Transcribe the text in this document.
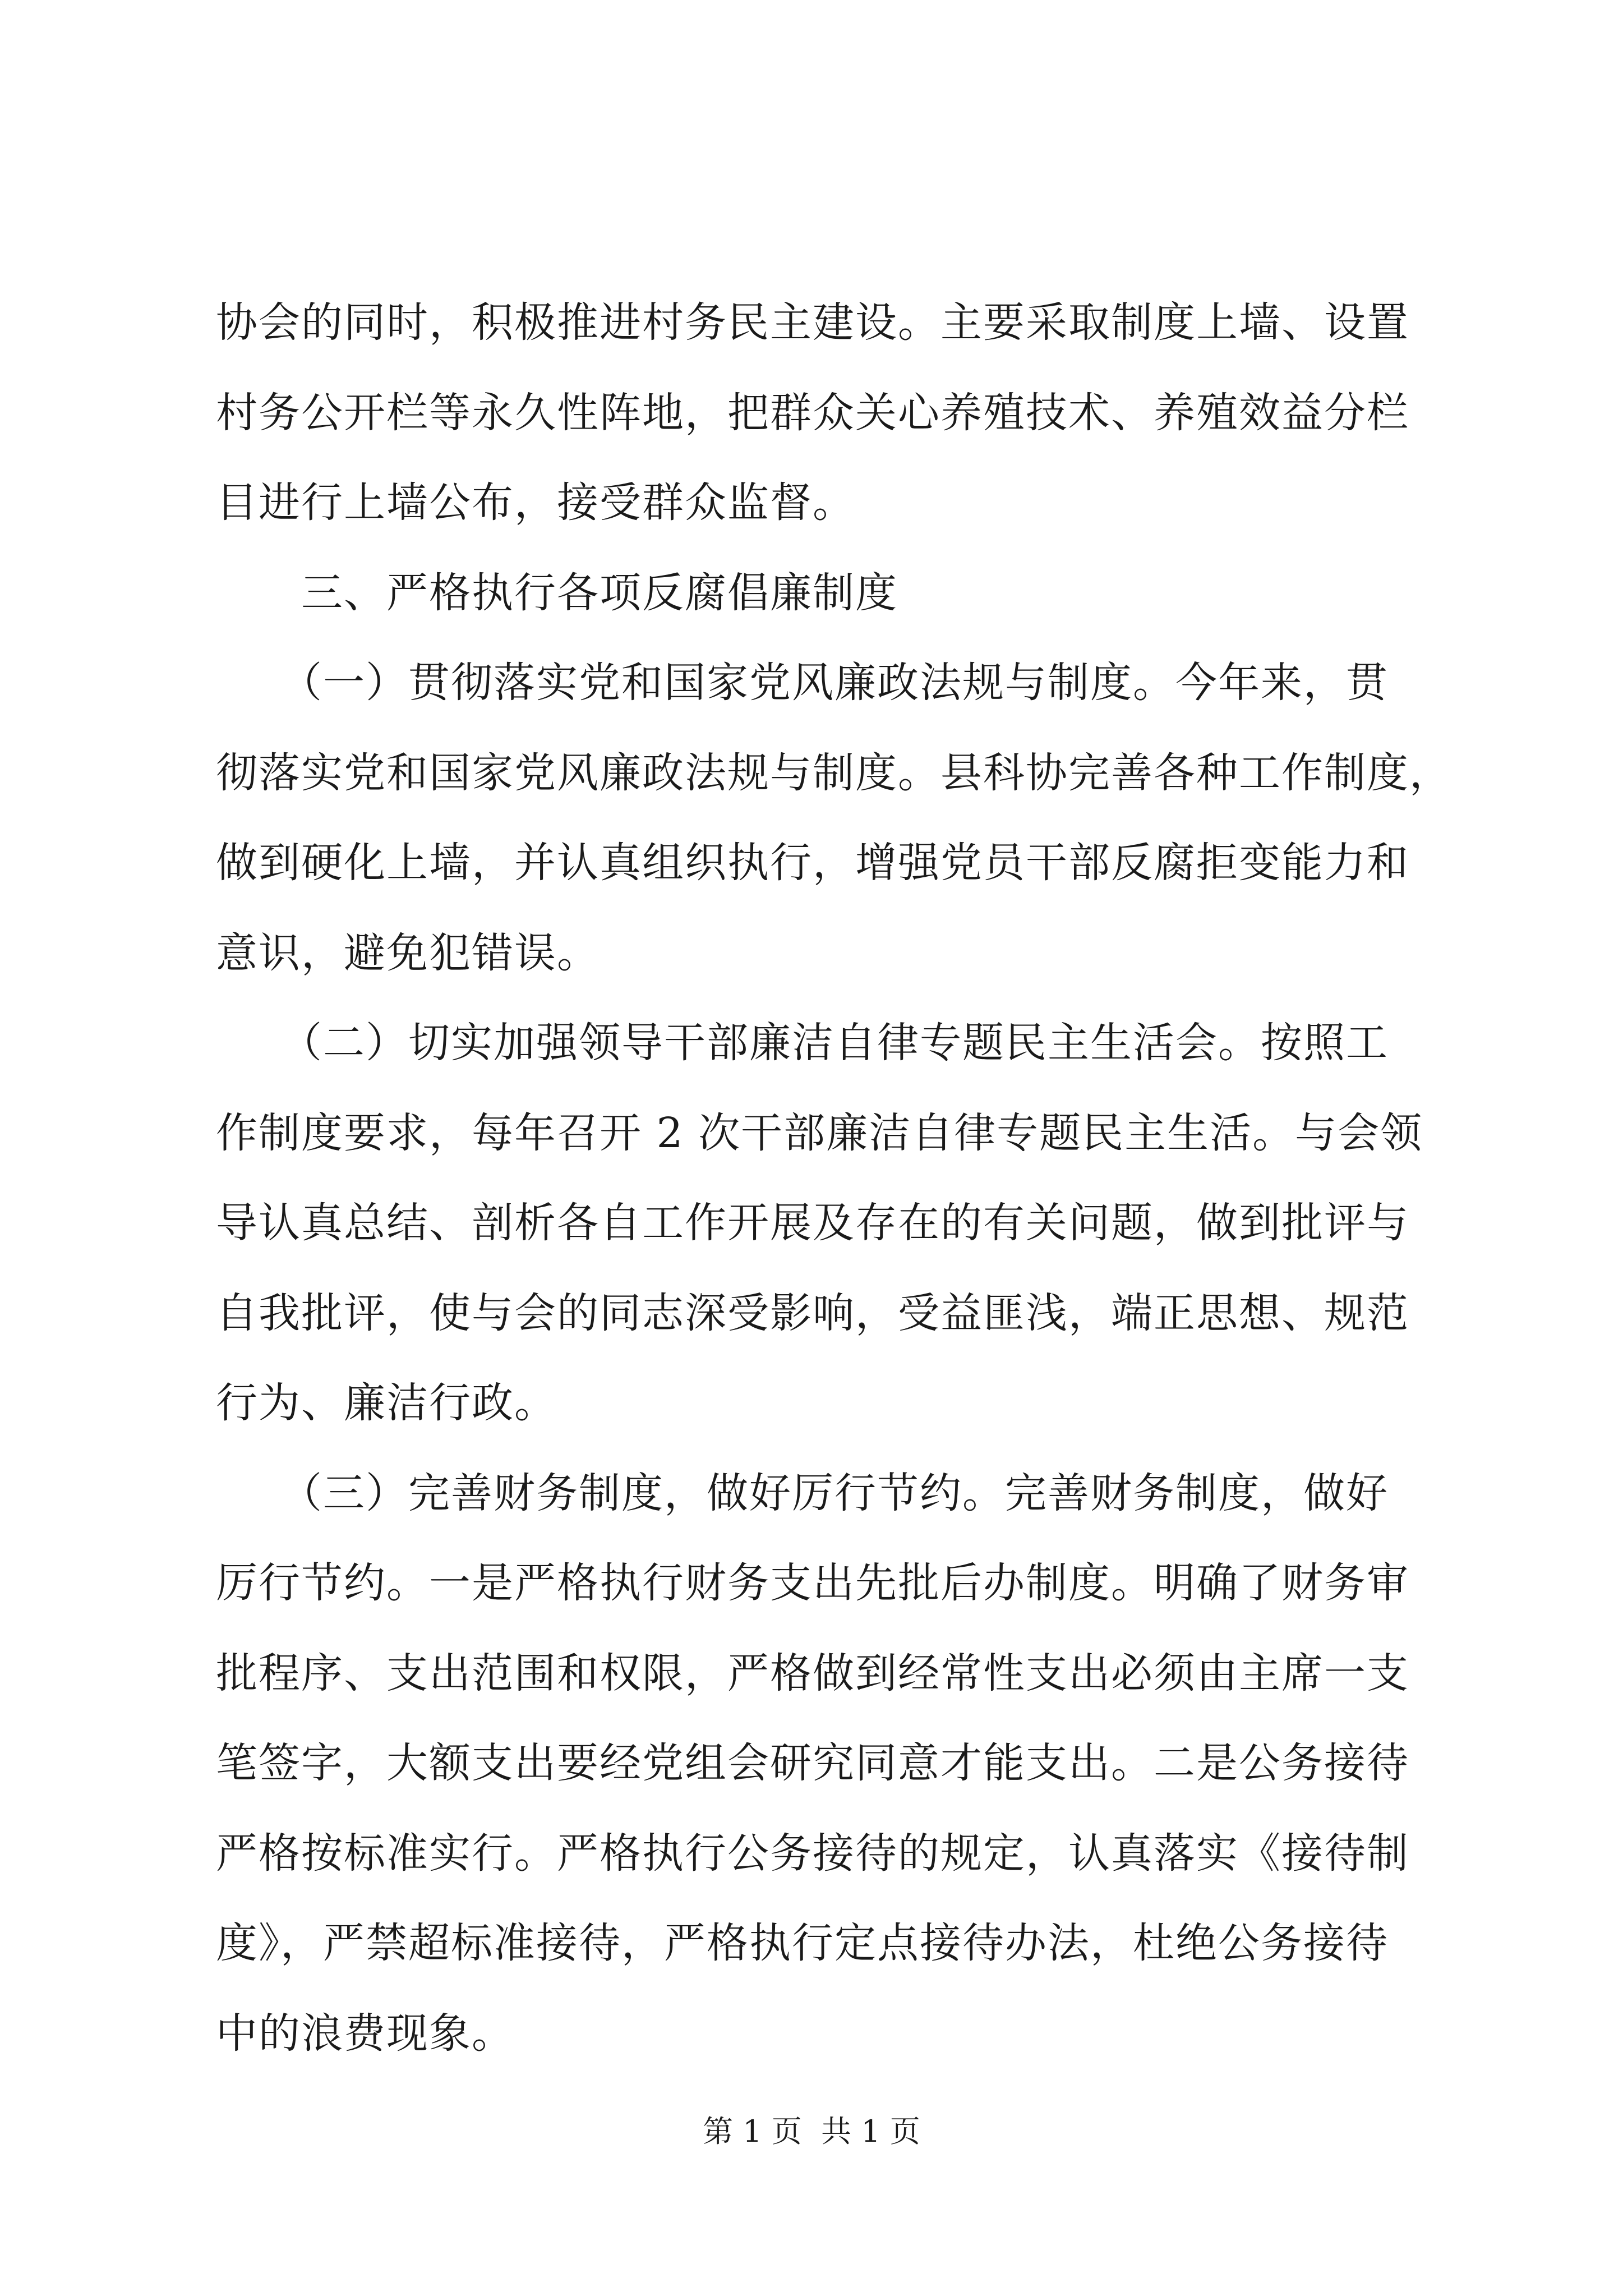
协会的同时，积极推进村务民主建设。主要采取制度上墙、设置
村务公开栏等永久性阵地，把群众关心养殖技术、养殖效益分栏
目进行上墙公布，接受群众监督。
　　三、严格执行各项反腐倡廉制度
　　（一）贯彻落实党和国家党风廉政法规与制度。今年来，贯
彻落实党和国家党风廉政法规与制度。县科协完善各种工作制度，
做到硬化上墙，并认真组织执行，增强党员干部反腐拒变能力和
意识，避免犯错误。
　　（二）切实加强领导干部廉洁自律专题民主生活会。按照工
作制度要求，每年召开 2 次干部廉洁自律专题民主生活。与会领
导认真总结、剖析各自工作开展及存在的有关问题，做到批评与
自我批评，使与会的同志深受影响，受益匪浅，端正思想、规范
行为、廉洁行政。
　　（三）完善财务制度，做好厉行节约。完善财务制度，做好
厉行节约。一是严格执行财务支出先批后办制度。明确了财务审
批程序、支出范围和权限，严格做到经常性支出必须由主席一支
笔签字，大额支出要经党组会研究同意才能支出。二是公务接待
严格按标准实行。严格执行公务接待的规定，认真落实《接待制
度》，严禁超标准接待，严格执行定点接待办法，杜绝公务接待
中的浪费现象。
第 1 页  共 1 页
